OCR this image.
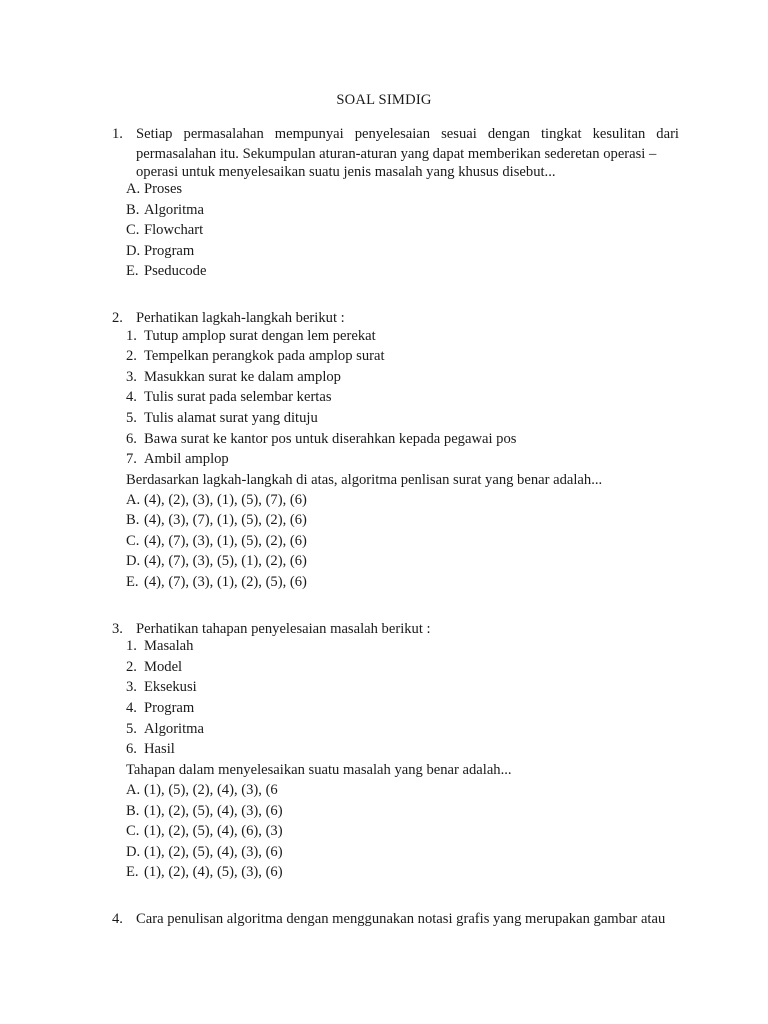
SOAL SIMDIG
1. Setiap permasalahan mempunyai penyelesaian sesuai dengan tingkat kesulitan dari
permasalahan itu. Sekumpulan aturan-aturan yang dapat memberikan sederetan operasi –
operasi untuk menyelesaikan suatu jenis masalah yang khusus disebut...
A. Proses
B. Algoritma
C. Flowchart
D. Program
E. Pseducode
2. Perhatikan lagkah-langkah berikut :
1. Tutup amplop surat dengan lem perekat
2. Tempelkan perangkok pada amplop surat
3. Masukkan surat ke dalam amplop
4. Tulis surat pada selembar kertas
5. Tulis alamat surat yang dituju
6. Bawa surat ke kantor pos untuk diserahkan kepada pegawai pos
7. Ambil amplop
Berdasarkan lagkah-langkah di atas, algoritma penlisan surat yang benar adalah...
A. (4), (2), (3), (1), (5), (7), (6)
B. (4), (3), (7), (1), (5), (2), (6)
C. (4), (7), (3), (1), (5), (2), (6)
D. (4), (7), (3), (5), (1), (2), (6)
E. (4), (7), (3), (1), (2), (5), (6)
3. Perhatikan tahapan penyelesaian masalah berikut :
1. Masalah
2. Model
3. Eksekusi
4. Program
5. Algoritma
6. Hasil
Tahapan dalam menyelesaikan suatu masalah yang benar adalah...
A. (1), (5), (2), (4), (3), (6
B. (1), (2), (5), (4), (3), (6)
C. (1), (2), (5), (4), (6), (3)
D. (1), (2), (5), (4), (3), (6)
E. (1), (2), (4), (5), (3), (6)
4. Cara penulisan algoritma dengan menggunakan notasi grafis yang merupakan gambar atau
